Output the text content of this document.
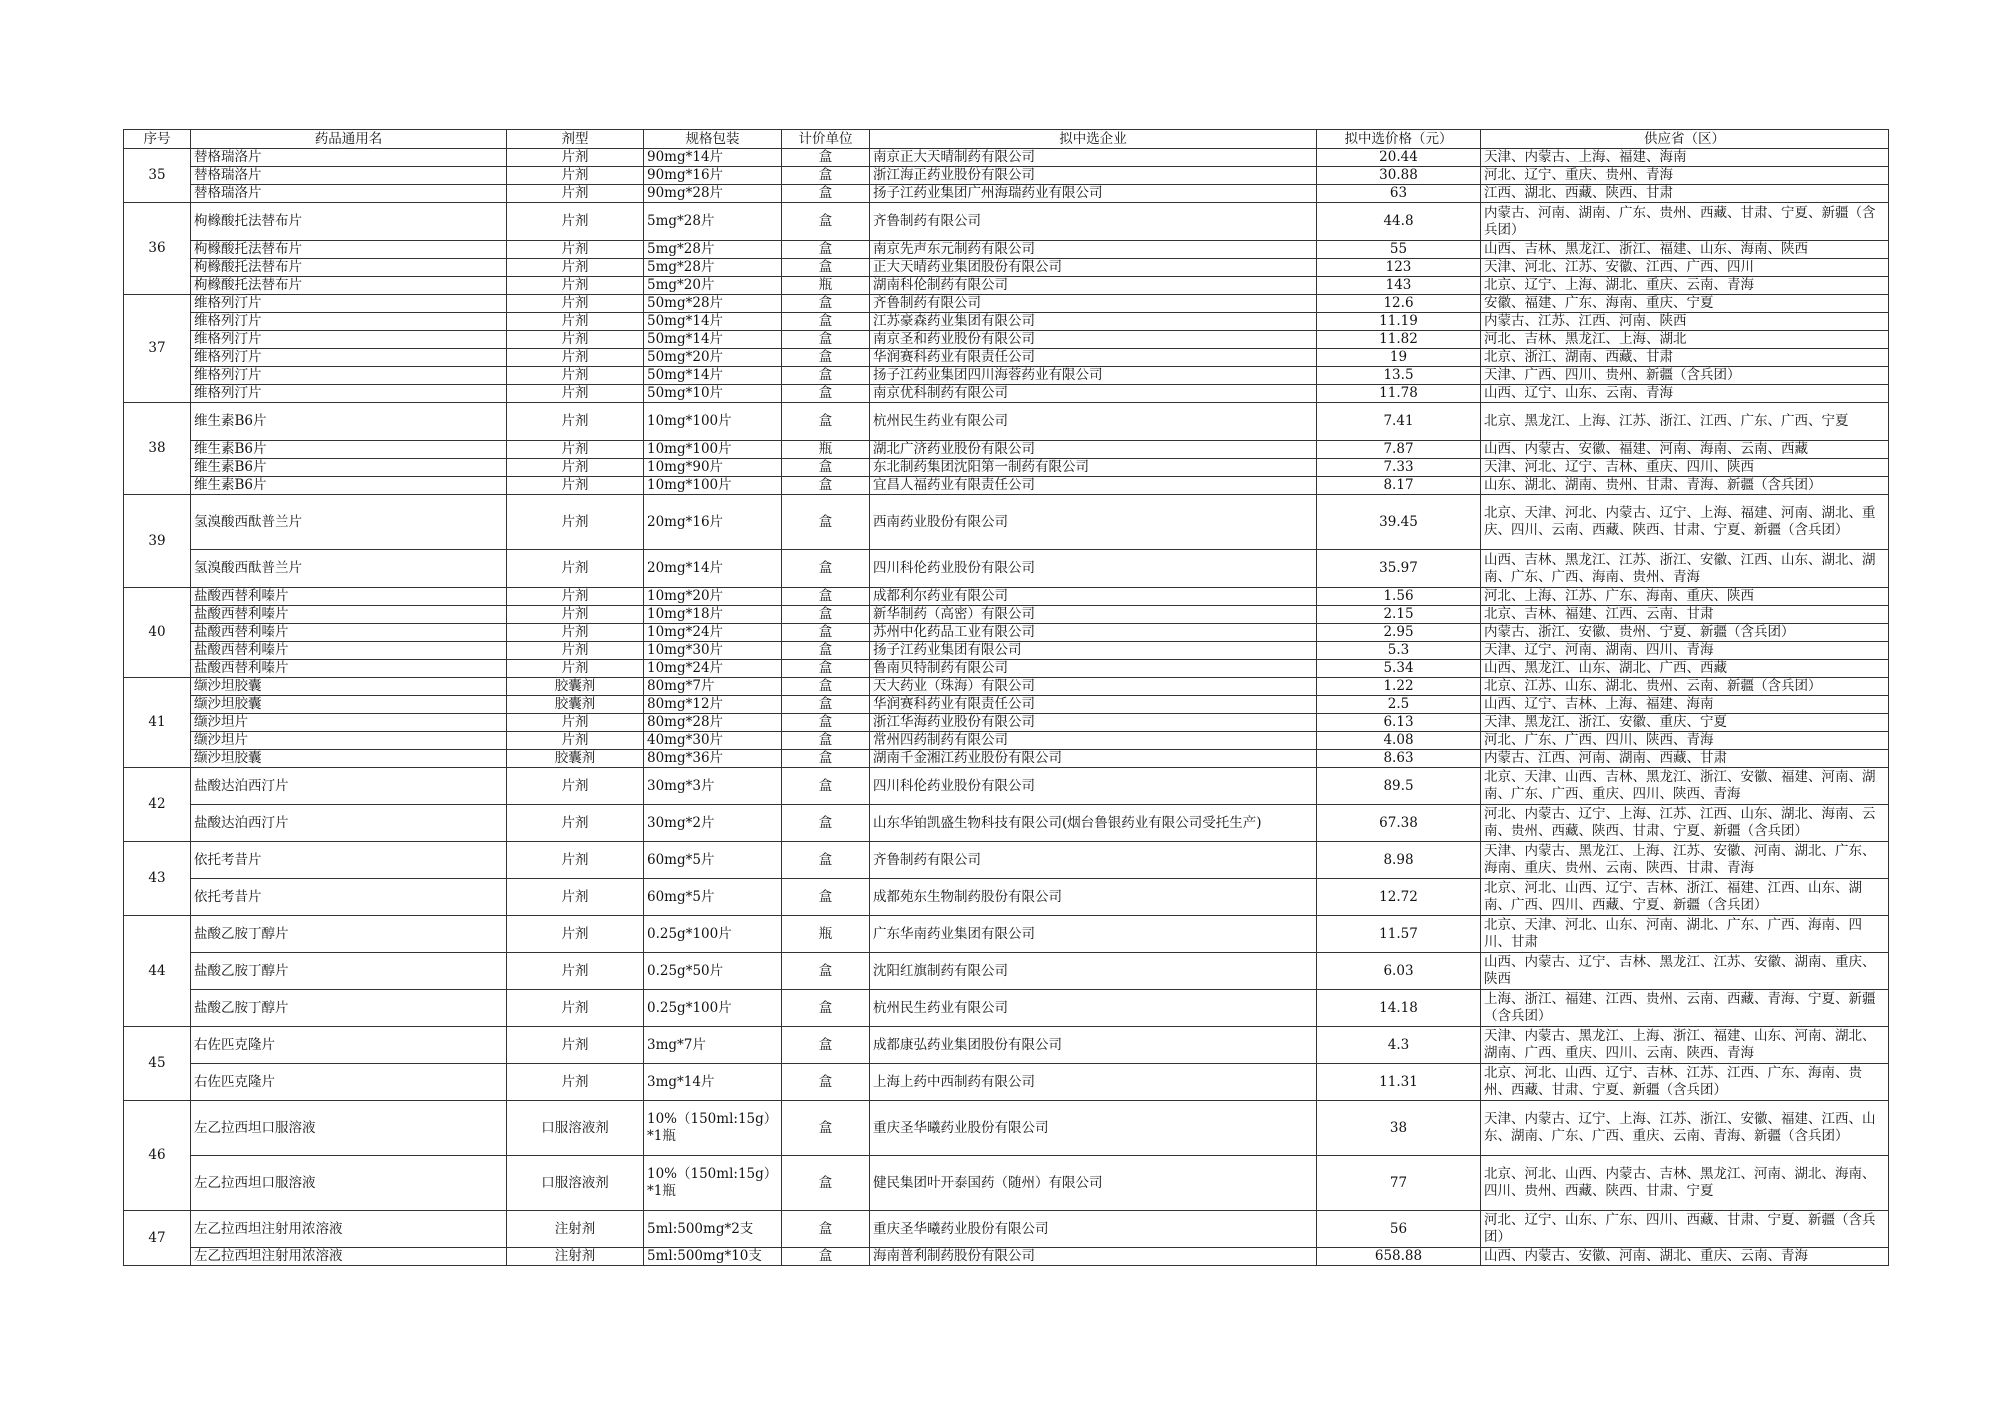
序号	药品通用名	剂型	规格包装	计价单位	拟中选企业	拟中选价格（元）	供应省（区）
35	替格瑞洛片	片剂	90mg*14片	盒	南京正大天晴制药有限公司	20.44	天津、内蒙古、上海、福建、海南
	替格瑞洛片	片剂	90mg*16片	盒	浙江海正药业股份有限公司	30.88	河北、辽宁、重庆、贵州、青海
	替格瑞洛片	片剂	90mg*28片	盒	扬子江药业集团广州海瑞药业有限公司	63	江西、湖北、西藏、陕西、甘肃
36	枸橼酸托法替布片	片剂	5mg*28片	盒	齐鲁制药有限公司	44.8	内蒙古、河南、湖南、广东、贵州、西藏、甘肃、宁夏、新疆（含兵团）
	枸橼酸托法替布片	片剂	5mg*28片	盒	南京先声东元制药有限公司	55	山西、吉林、黑龙江、浙江、福建、山东、海南、陕西
	枸橼酸托法替布片	片剂	5mg*28片	盒	正大天晴药业集团股份有限公司	123	天津、河北、江苏、安徽、江西、广西、四川
	枸橼酸托法替布片	片剂	5mg*20片	瓶	湖南科伦制药有限公司	143	北京、辽宁、上海、湖北、重庆、云南、青海
37	维格列汀片	片剂	50mg*28片	盒	齐鲁制药有限公司	12.6	安徽、福建、广东、海南、重庆、宁夏
	维格列汀片	片剂	50mg*14片	盒	江苏豪森药业集团有限公司	11.19	内蒙古、江苏、江西、河南、陕西
	维格列汀片	片剂	50mg*14片	盒	南京圣和药业股份有限公司	11.82	河北、吉林、黑龙江、上海、湖北
	维格列汀片	片剂	50mg*20片	盒	华润赛科药业有限责任公司	19	北京、浙江、湖南、西藏、甘肃
	维格列汀片	片剂	50mg*14片	盒	扬子江药业集团四川海蓉药业有限公司	13.5	天津、广西、四川、贵州、新疆（含兵团）
	维格列汀片	片剂	50mg*10片	盒	南京优科制药有限公司	11.78	山西、辽宁、山东、云南、青海
38	维生素B6片	片剂	10mg*100片	盒	杭州民生药业有限公司	7.41	北京、黑龙江、上海、江苏、浙江、江西、广东、广西、宁夏
	维生素B6片	片剂	10mg*100片	瓶	湖北广济药业股份有限公司	7.87	山西、内蒙古、安徽、福建、河南、海南、云南、西藏
	维生素B6片	片剂	10mg*90片	盒	东北制药集团沈阳第一制药有限公司	7.33	天津、河北、辽宁、吉林、重庆、四川、陕西
	维生素B6片	片剂	10mg*100片	盒	宜昌人福药业有限责任公司	8.17	山东、湖北、湖南、贵州、甘肃、青海、新疆（含兵团）
39	氢溴酸西酞普兰片	片剂	20mg*16片	盒	西南药业股份有限公司	39.45	北京、天津、河北、内蒙古、辽宁、上海、福建、河南、湖北、重庆、四川、云南、西藏、陕西、甘肃、宁夏、新疆（含兵团）
	氢溴酸西酞普兰片	片剂	20mg*14片	盒	四川科伦药业股份有限公司	35.97	山西、吉林、黑龙江、江苏、浙江、安徽、江西、山东、湖北、湖南、广东、广西、海南、贵州、青海
40	盐酸西替利嗪片	片剂	10mg*20片	盒	成都利尔药业有限公司	1.56	河北、上海、江苏、广东、海南、重庆、陕西
	盐酸西替利嗪片	片剂	10mg*18片	盒	新华制药（高密）有限公司	2.15	北京、吉林、福建、江西、云南、甘肃
	盐酸西替利嗪片	片剂	10mg*24片	盒	苏州中化药品工业有限公司	2.95	内蒙古、浙江、安徽、贵州、宁夏、新疆（含兵团）
	盐酸西替利嗪片	片剂	10mg*30片	盒	扬子江药业集团有限公司	5.3	天津、辽宁、河南、湖南、四川、青海
	盐酸西替利嗪片	片剂	10mg*24片	盒	鲁南贝特制药有限公司	5.34	山西、黑龙江、山东、湖北、广西、西藏
41	缬沙坦胶囊	胶囊剂	80mg*7片	盒	天大药业（珠海）有限公司	1.22	北京、江苏、山东、湖北、贵州、云南、新疆（含兵团）
	缬沙坦胶囊	胶囊剂	80mg*12片	盒	华润赛科药业有限责任公司	2.5	山西、辽宁、吉林、上海、福建、海南
	缬沙坦片	片剂	80mg*28片	盒	浙江华海药业股份有限公司	6.13	天津、黑龙江、浙江、安徽、重庆、宁夏
	缬沙坦片	片剂	40mg*30片	盒	常州四药制药有限公司	4.08	河北、广东、广西、四川、陕西、青海
	缬沙坦胶囊	胶囊剂	80mg*36片	盒	湖南千金湘江药业股份有限公司	8.63	内蒙古、江西、河南、湖南、西藏、甘肃
42	盐酸达泊西汀片	片剂	30mg*3片	盒	四川科伦药业股份有限公司	89.5	北京、天津、山西、吉林、黑龙江、浙江、安徽、福建、河南、湖南、广东、广西、重庆、四川、陕西、青海
	盐酸达泊西汀片	片剂	30mg*2片	盒	山东华铂凯盛生物科技有限公司(烟台鲁银药业有限公司受托生产)	67.38	河北、内蒙古、辽宁、上海、江苏、江西、山东、湖北、海南、云南、贵州、西藏、陕西、甘肃、宁夏、新疆（含兵团）
43	依托考昔片	片剂	60mg*5片	盒	齐鲁制药有限公司	8.98	天津、内蒙古、黑龙江、上海、江苏、安徽、河南、湖北、广东、海南、重庆、贵州、云南、陕西、甘肃、青海
	依托考昔片	片剂	60mg*5片	盒	成都苑东生物制药股份有限公司	12.72	北京、河北、山西、辽宁、吉林、浙江、福建、江西、山东、湖南、广西、四川、西藏、宁夏、新疆（含兵团）
44	盐酸乙胺丁醇片	片剂	0.25g*100片	瓶	广东华南药业集团有限公司	11.57	北京、天津、河北、山东、河南、湖北、广东、广西、海南、四川、甘肃
	盐酸乙胺丁醇片	片剂	0.25g*50片	盒	沈阳红旗制药有限公司	6.03	山西、内蒙古、辽宁、吉林、黑龙江、江苏、安徽、湖南、重庆、陕西
	盐酸乙胺丁醇片	片剂	0.25g*100片	盒	杭州民生药业有限公司	14.18	上海、浙江、福建、江西、贵州、云南、西藏、青海、宁夏、新疆（含兵团）
45	右佐匹克隆片	片剂	3mg*7片	盒	成都康弘药业集团股份有限公司	4.3	天津、内蒙古、黑龙江、上海、浙江、福建、山东、河南、湖北、湖南、广西、重庆、四川、云南、陕西、青海
	右佐匹克隆片	片剂	3mg*14片	盒	上海上药中西制药有限公司	11.31	北京、河北、山西、辽宁、吉林、江苏、江西、广东、海南、贵州、西藏、甘肃、宁夏、新疆（含兵团）
46	左乙拉西坦口服溶液	口服溶液剂	10%（150ml:15g）*1瓶	盒	重庆圣华曦药业股份有限公司	38	天津、内蒙古、辽宁、上海、江苏、浙江、安徽、福建、江西、山东、湖南、广东、广西、重庆、云南、青海、新疆（含兵团）
	左乙拉西坦口服溶液	口服溶液剂	10%（150ml:15g）*1瓶	盒	健民集团叶开泰国药（随州）有限公司	77	北京、河北、山西、内蒙古、吉林、黑龙江、河南、湖北、海南、四川、贵州、西藏、陕西、甘肃、宁夏
47	左乙拉西坦注射用浓溶液	注射剂	5ml:500mg*2支	盒	重庆圣华曦药业股份有限公司	56	河北、辽宁、山东、广东、四川、西藏、甘肃、宁夏、新疆（含兵团）
	左乙拉西坦注射用浓溶液	注射剂	5ml:500mg*10支	盒	海南普利制药股份有限公司	658.88	山西、内蒙古、安徽、河南、湖北、重庆、云南、青海
